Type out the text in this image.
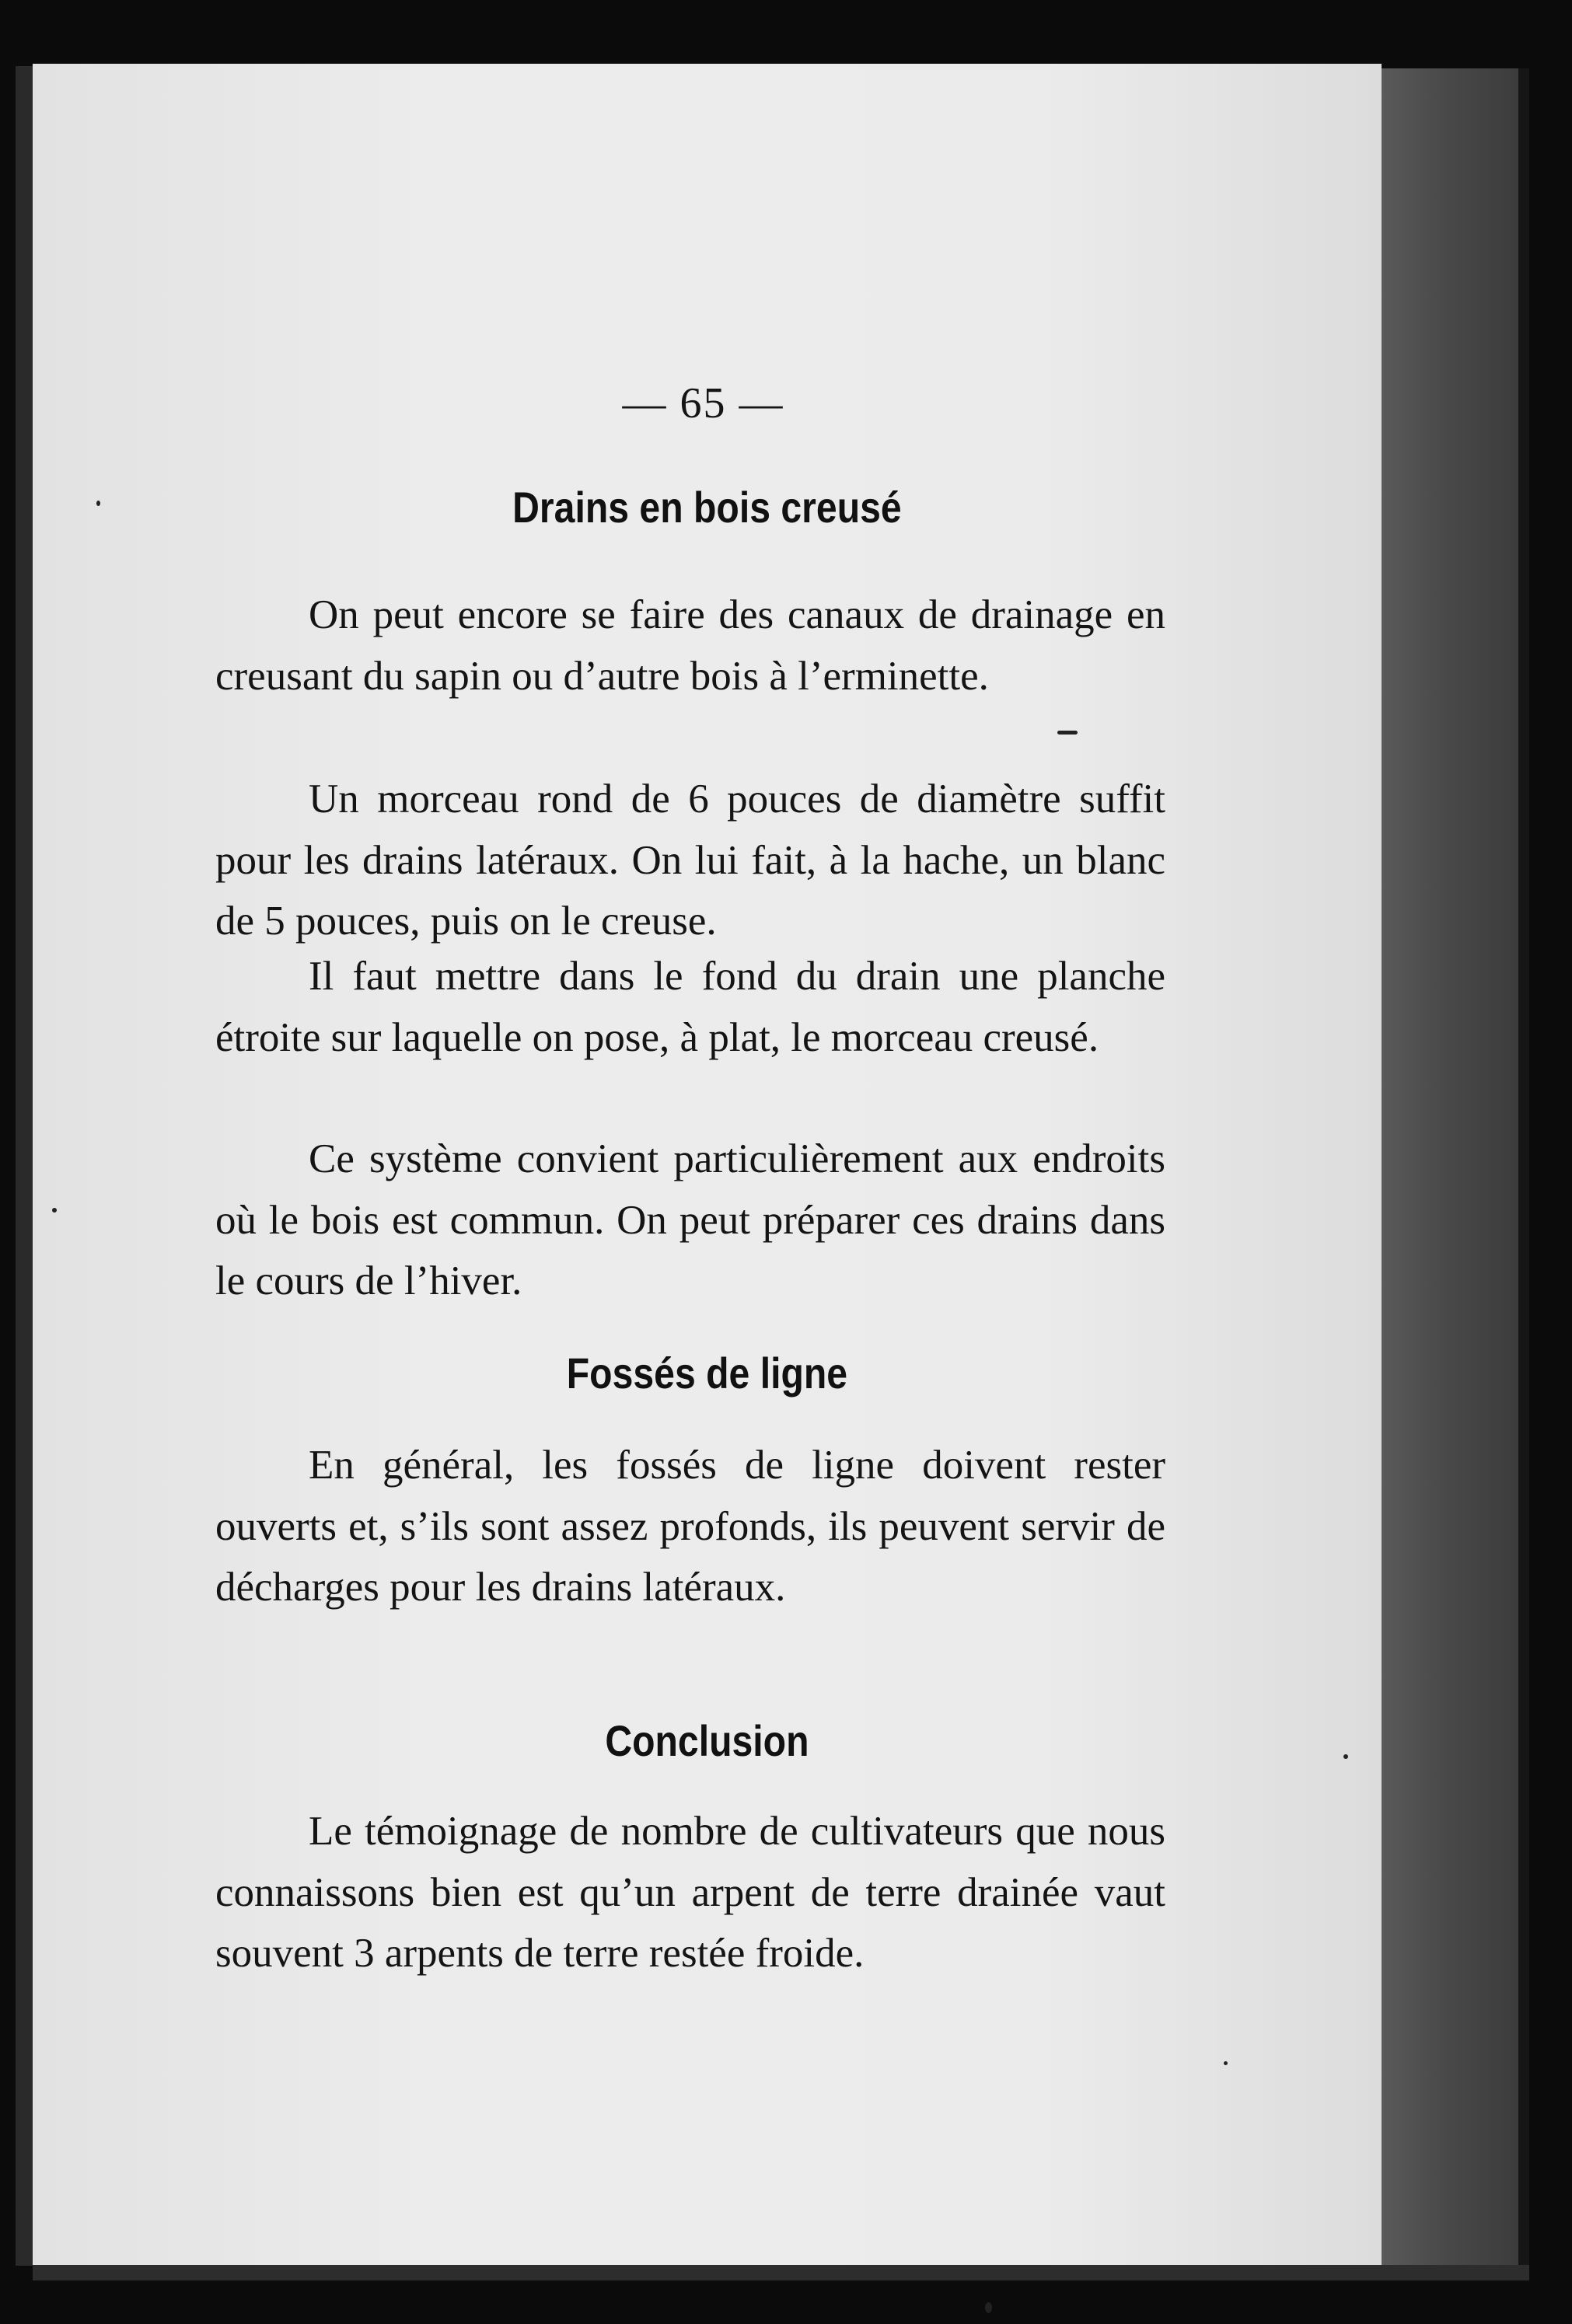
— 65 —
Drains en bois creusé

On peut encore se faire des canaux de drainage en creusant du sapin ou d’autre bois à l’erminette.

Un morceau rond de 6 pouces de diamètre suffit pour les drains latéraux. On lui fait, à la hache, un blanc de 5 pouces, puis on le creuse.

Il faut mettre dans le fond du drain une planche étroite sur laquelle on pose, à plat, le morceau creusé.

Ce système convient particulièrement aux endroits où le bois est commun. On peut préparer ces drains dans le cours de l’hiver.

Fossés de ligne

En général, les fossés de ligne doivent rester ouverts et, s’ils sont assez profonds, ils peuvent servir de décharges pour les drains latéraux.

Conclusion

Le témoignage de nombre de cultivateurs que nous connaissons bien est qu’un arpent de terre drainée vaut souvent 3 arpents de terre restée froide.
